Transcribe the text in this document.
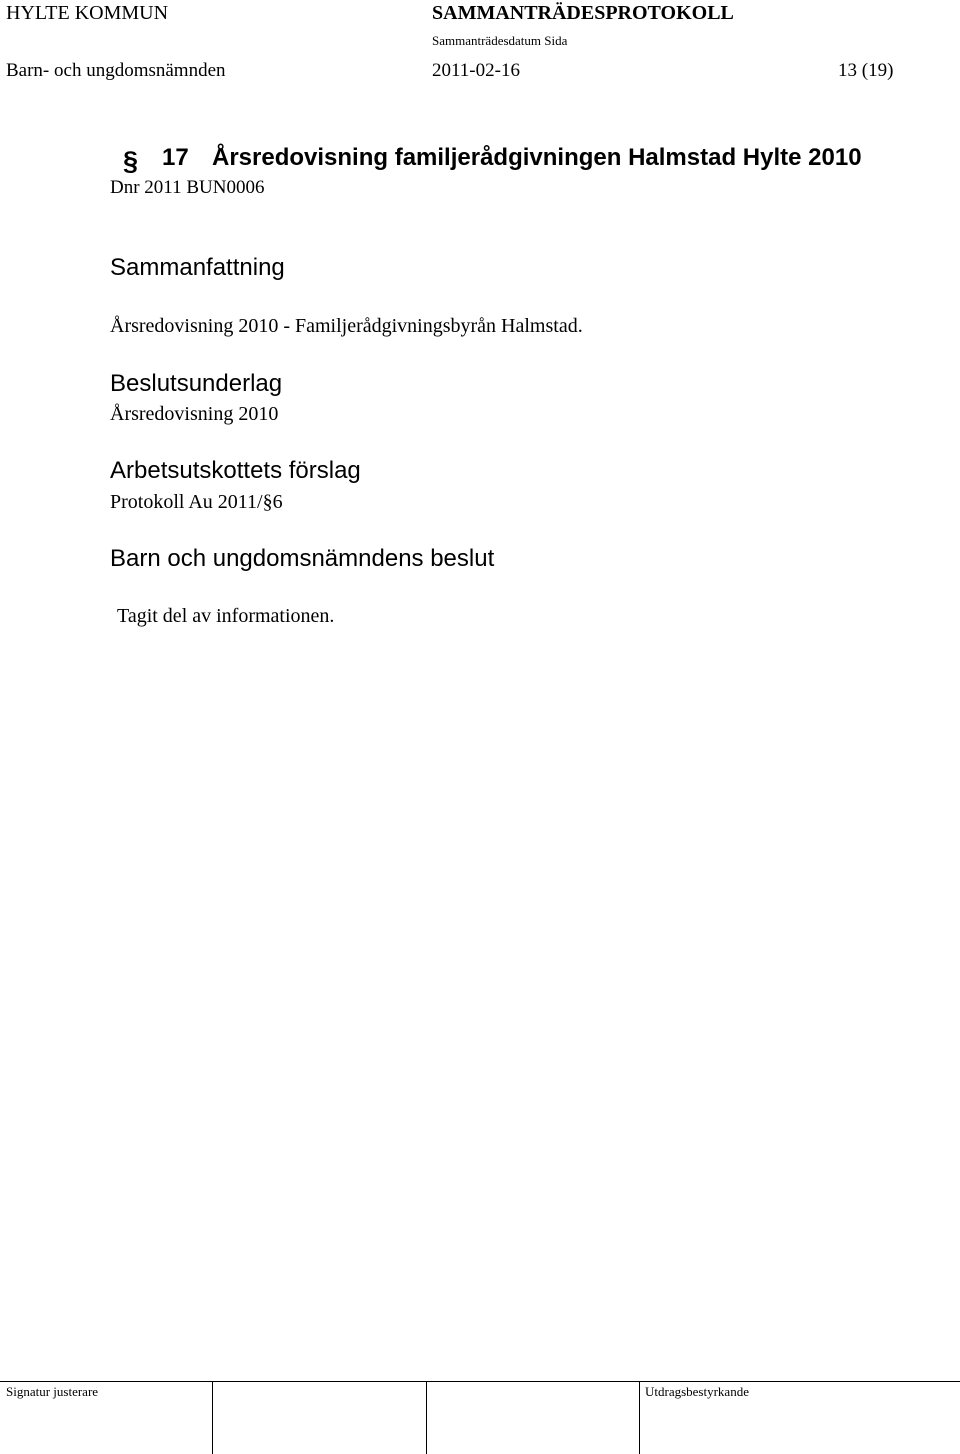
HYLTE KOMMUN	SAMMANTRÄDESPROTOKOLL
Sammanträdesdatum Sida
Barn- och ungdomsnämnden	2011-02-16	13 (19)
§ 17 Årsredovisning familjerådgivningen Halmstad Hylte 2010
Dnr 2011 BUN0006
Sammanfattning
Årsredovisning 2010 - Familjerådgivningsbyrån Halmstad.
Beslutsunderlag
Årsredovisning 2010
Arbetsutskottets förslag
Protokoll Au 2011/§6
Barn och ungdomsnämndens beslut
Tagit del av informationen.
Signatur justerare	Utdragsbestyrkande
